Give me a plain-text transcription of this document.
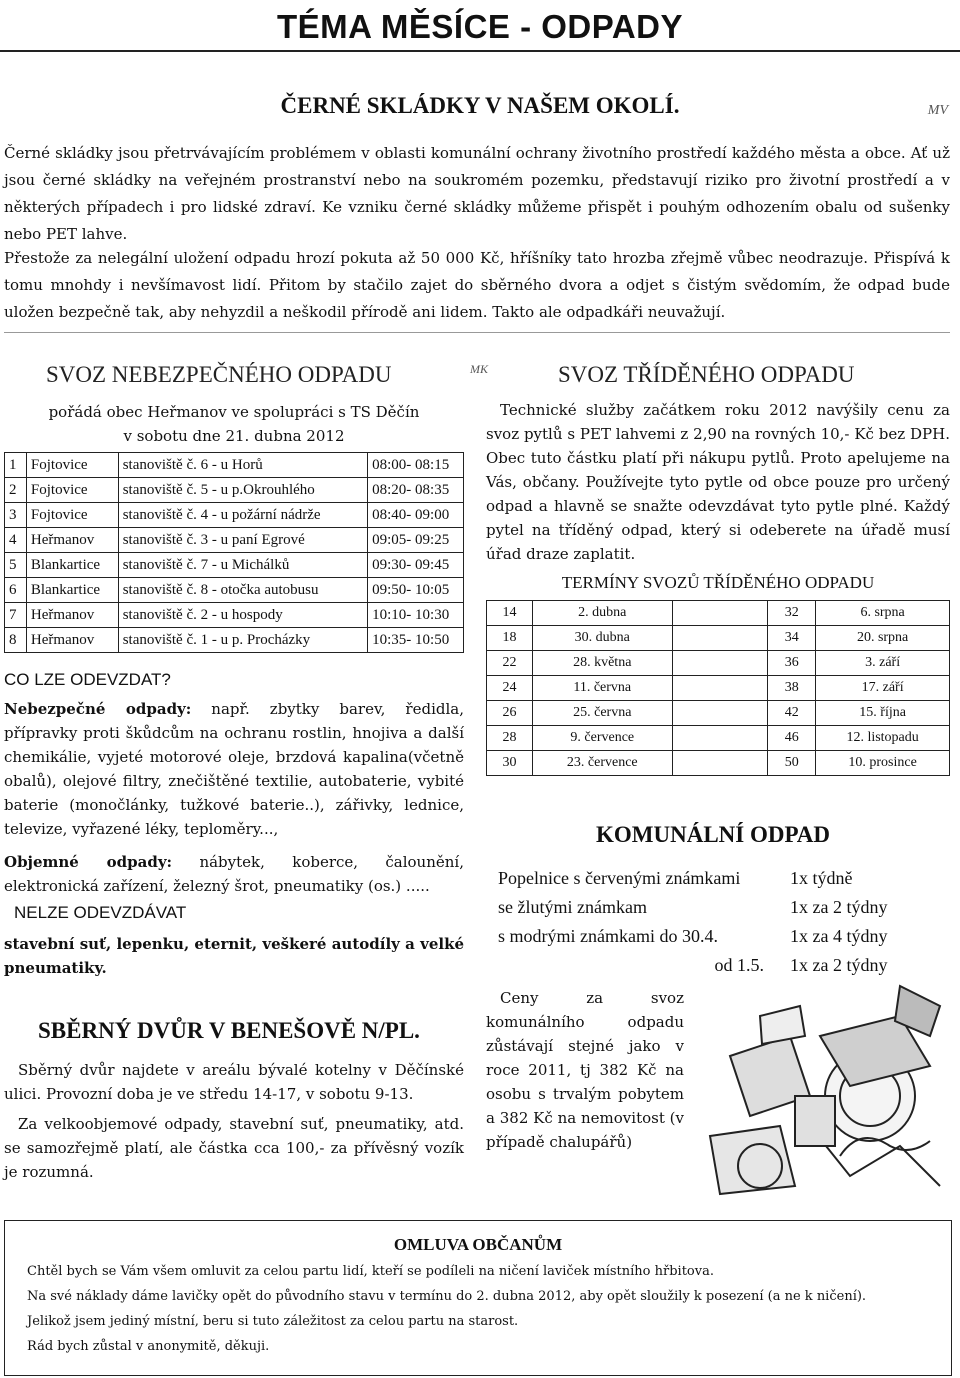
TÉMA MĚSÍCE - ODPADY
ČERNÉ SKLÁDKY V NAŠEM OKOLÍ.	MV
Černé skládky jsou přetrvávajícím problémem v oblasti komunální ochrany životního prostředí každého města a obce. Ať už jsou černé skládky na veřejném prostranství nebo na soukromém pozemku, představují riziko pro životní prostředí a v některých případech i pro lidské zdraví. Ke vzniku černé skládky můžeme přispět i pouhým odhozením obalu od sušenky nebo PET lahve.
Přestože za nelegální uložení odpadu hrozí pokuta až 50 000 Kč, hříšníky tato hrozba zřejmě vůbec neodrazuje. Přispívá k tomu mnohdy i nevšímavost lidí. Přitom by stačilo zajet do sběrného dvora a odjet s čistým svědomím, že odpad bude uložen bezpečně tak, aby nehyzdil a neškodil přírodě ani lidem. Takto ale odpadkáři neuvažují.
SVOZ NEBEZPEČNÉHO ODPADU	MK
pořádá obec Heřmanov ve spolupráci s TS Děčín
v sobotu dne 21. dubna 2012
1	Fojtovice	stanoviště č. 6 - u Horů	08:00- 08:15
2	Fojtovice	stanoviště č. 5 - u p.Okrouhlého	08:20- 08:35
3	Fojtovice	stanoviště č. 4 - u požární nádrže	08:40- 09:00
4	Heřmanov	stanoviště č. 3 - u paní Egrové	09:05- 09:25
5	Blankartice	stanoviště č. 7 - u Michálků	09:30- 09:45
6	Blankartice	stanoviště č. 8 - otočka autobusu	09:50- 10:05
7	Heřmanov	stanoviště č. 2 - u hospody	10:10- 10:30
8	Heřmanov	stanoviště č. 1 - u p. Procházky	10:35- 10:50
CO LZE ODEVZDAT?
Nebezpečné odpady: např. zbytky barev, ředidla, přípravky proti škůdcům na ochranu rostlin, hnojiva a další chemikálie, vyjeté motorové oleje, brzdová kapalina(včetně obalů), olejové filtry, znečištěné textilie, autobaterie, vybité baterie (monočlánky, tužkové baterie..), zářivky, lednice, televize, vyřazené léky, teploměry...,
Objemné odpady: nábytek, koberce, čalounění, elektronická zařízení, železný šrot, pneumatiky (os.) .....
NELZE ODEVZDÁVAT
stavební suť, lepenku, eternit, veškeré autodíly a velké pneumatiky.
SBĚRNÝ DVŮR V BENEŠOVĚ N/PL.
Sběrný dvůr najdete v areálu bývalé kotelny v Děčínské ulici. Provozní doba je ve středu 14-17, v sobotu 9-13.
Za velkoobjemové odpady, stavební suť, pneumatiky, atd. se samozřejmě platí, ale částka cca 100,- za přívěsný vozík je rozumná.
SVOZ TŘÍDĚNÉHO ODPADU
Technické služby začátkem roku 2012 navýšily cenu za svoz pytlů s PET lahvemi z 2,90 na rovných 10,- Kč bez DPH. Obec tuto částku platí při nákupu pytlů. Proto apelujeme na Vás, občany. Používejte tyto pytle od obce pouze pro určený odpad a hlavně se snažte odevzdávat tyto pytle plné. Každý pytel na tříděný odpad, který si odeberete na úřadě musí úřad draze zaplatit.
TERMÍNY SVOZŮ TŘÍDĚNÉHO ODPADU
14	2. dubna		32	6. srpna
18	30. dubna		34	20. srpna
22	28. května		36	3. září
24	11. června		38	17. září
26	25. června		42	15. října
28	9. července		46	12. listopadu
30	23. července		50	10. prosince
KOMUNÁLNÍ ODPAD
Popelnice s červenými známkami	1x týdně
se žlutými známkam	1x za 2 týdny
s modrými známkami do 30.4.	1x za 4 týdny
od 1.5.	1x za 2 týdny
Ceny za svoz komunálního odpadu zůstávají stejné jako v roce 2011, tj 382 Kč na osobu s trvalým pobytem a 382 Kč na nemovitost (v případě chalupářů)
OMLUVA OBČANŮM
Chtěl bych se Vám všem omluvit za celou partu lidí, kteří se podíleli na ničení laviček místního hřbitova.
Na své náklady dáme lavičky opět do původního stavu v termínu do 2. dubna 2012, aby opět sloužily k posezení (a ne k ničení).
Jelikož jsem jediný místní, beru si tuto záležitost za celou partu na starost.
Rád bych zůstal v anonymitě, děkuji.
